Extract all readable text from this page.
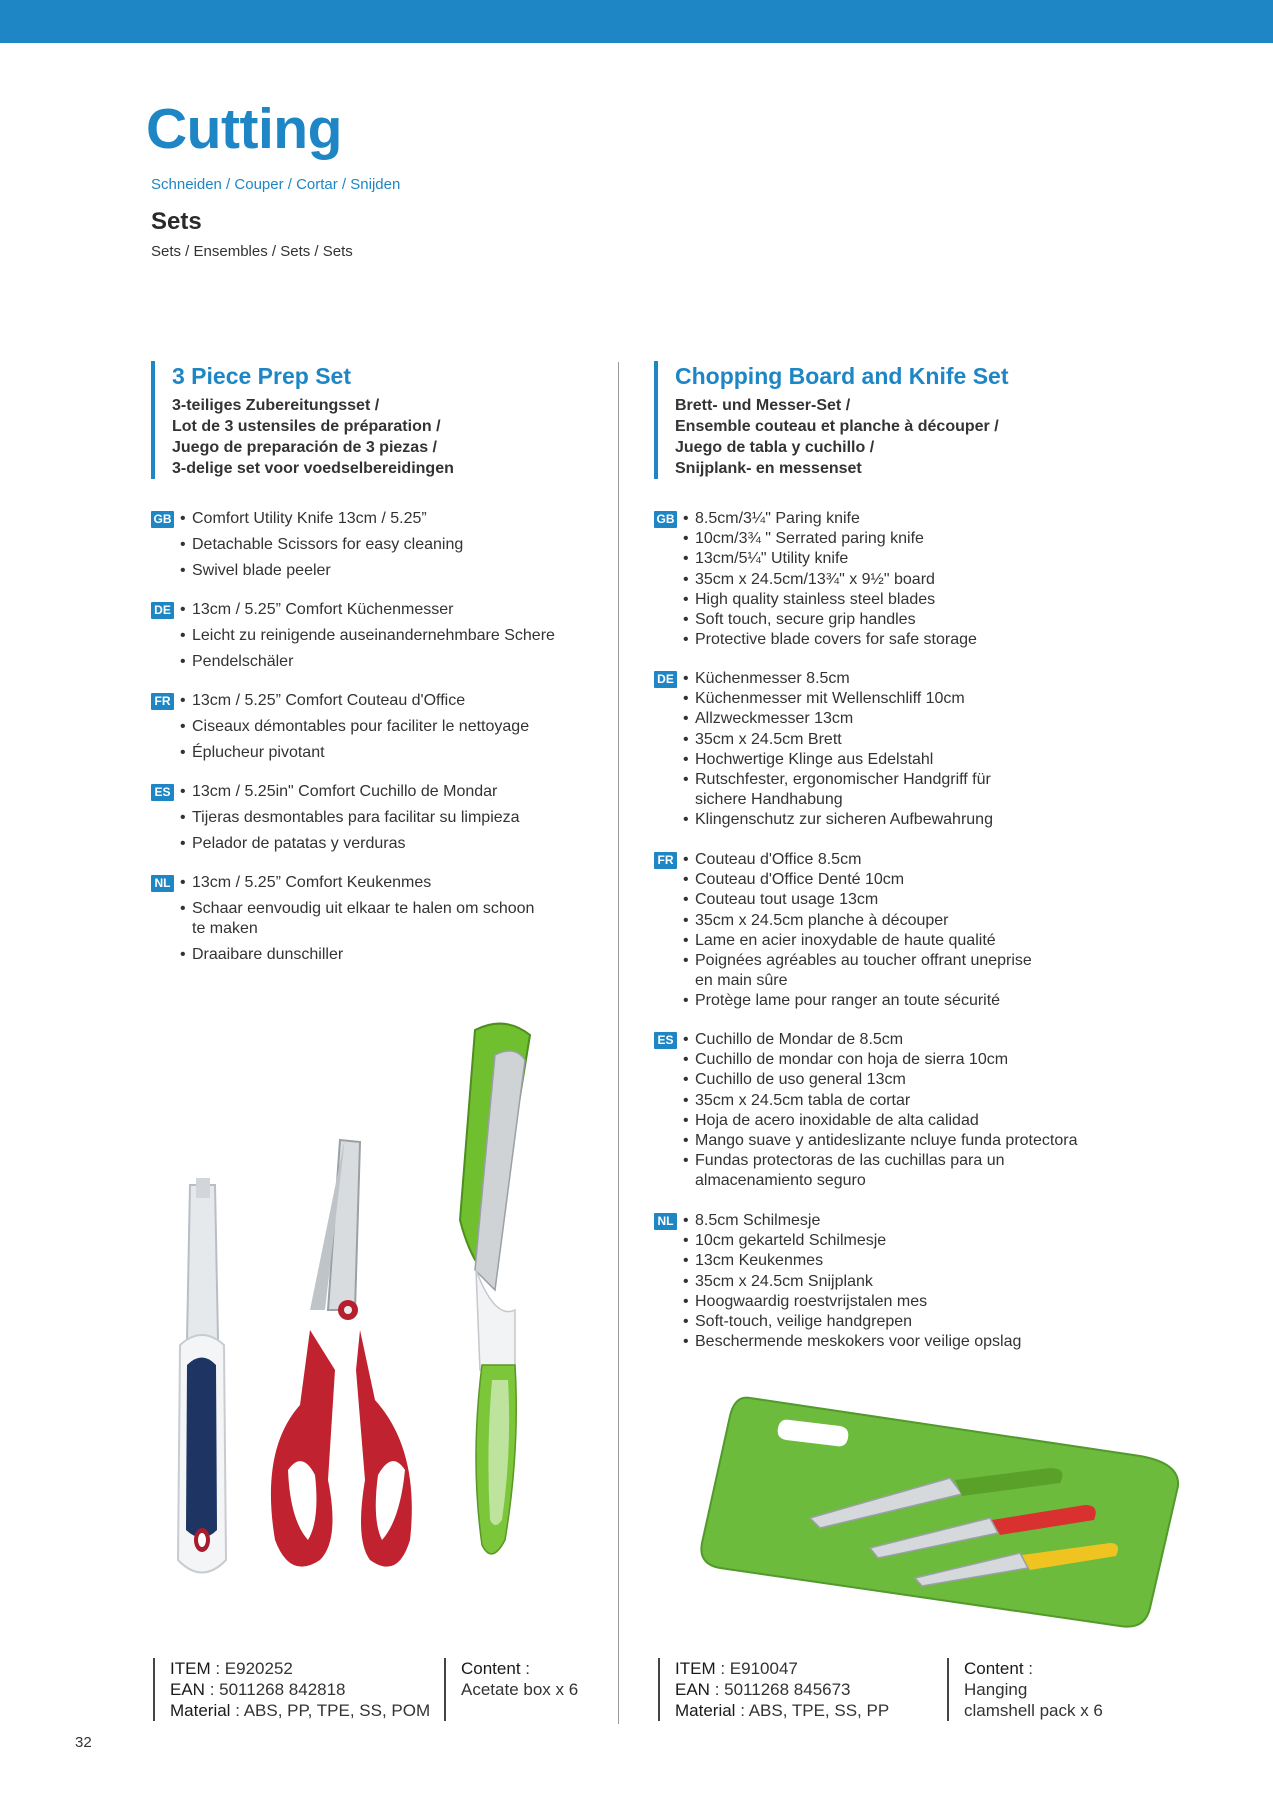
Cutting
Schneiden / Couper / Cortar / Snijden
Sets
Sets / Ensembles / Sets / Sets
3 Piece Prep Set
3-teiliges Zubereitungsset /
Lot de 3 ustensiles de préparation /
Juego de preparación de 3 piezas /
3-delige set voor voedselbereidingen
Chopping Board and Knife Set
Brett- und Messer-Set /
Ensemble couteau et planche à découper /
Juego de tabla y cuchillo /
Snijplank- en messenset
GB	• Comfort Utility Knife 13cm / 5.25”
• Detachable Scissors for easy cleaning
• Swivel blade peeler
DE	• 13cm / 5.25” Comfort Küchenmesser
• Leicht zu reinigende auseinandernehmbare Schere
• Pendelschäler
FR	• 13cm / 5.25” Comfort Couteau d'Office
• Ciseaux démontables pour faciliter le nettoyage
• Éplucheur pivotant
ES	• 13cm / 5.25in" Comfort Cuchillo de Mondar
• Tijeras desmontables para facilitar su limpieza
• Pelador de patatas y verduras
NL	• 13cm / 5.25” Comfort Keukenmes
• Schaar eenvoudig uit elkaar te halen om schoon
te maken
• Draaibare dunschiller
GB	• 8.5cm/3¼" Paring knife
• 10cm/3¾ " Serrated paring knife
• 13cm/5¼" Utility knife
• 35cm x 24.5cm/13¾" x 9½" board
• High quality stainless steel blades
• Soft touch, secure grip handles
• Protective blade covers for safe storage
DE	• Küchenmesser 8.5cm
• Küchenmesser mit Wellenschliff 10cm
• Allzweckmesser 13cm
• 35cm x 24.5cm Brett
• Hochwertige Klinge aus Edelstahl
• Rutschfester, ergonomischer Handgriff für sichere Handhabung
• Klingenschutz zur sicheren Aufbewahrung
FR	• Couteau d'Office 8.5cm
• Couteau d'Office Denté 10cm
• Couteau tout usage 13cm
• 35cm x 24.5cm planche à découper
• Lame en acier inoxydable de haute qualité
• Poignées agréables au toucher offrant uneprise en main sûre
• Protège lame pour ranger an toute sécurité
ES	• Cuchillo de Mondar de 8.5cm
• Cuchillo de mondar con hoja de sierra 10cm
• Cuchillo de uso general 13cm
• 35cm x 24.5cm tabla de cortar
• Hoja de acero inoxidable de alta calidad
• Mango suave y antideslizante ncluye funda protectora
• Fundas protectoras de las cuchillas para un almacenamiento seguro
NL	• 8.5cm Schilmesje
• 10cm gekarteld Schilmesje
• 13cm Keukenmes
• 35cm x 24.5cm Snijplank
• Hoogwaardig roestvrijstalen mes
• Soft-touch, veilige handgrepen
• Beschermende meskokers voor veilige opslag
ITEM : E920252
EAN : 5011268 842818
Material : ABS, PP, TPE, SS, POM
Content :
Acetate box x 6
ITEM : E910047
EAN : 5011268 845673
Material : ABS, TPE, SS, PP
Content :
Hanging
clamshell pack x 6
32
